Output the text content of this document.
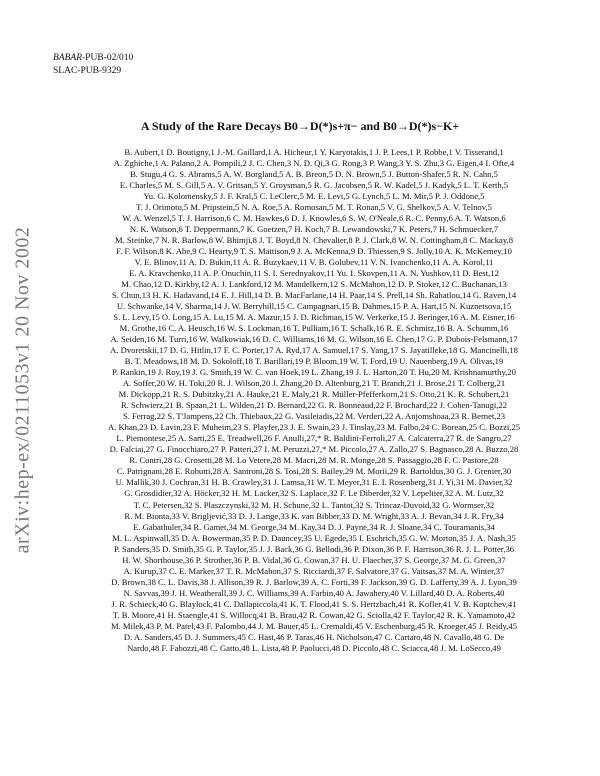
BABAR-PUB-02/010
SLAC-PUB-9329
A Study of the Rare Decays B0→D(*)s+π− and B0→D(*)s−K+
arXiv:hep-ex/0211053v1 20 Nov 2002
B. Aubert,1 D. Boutigny,1 J.-M. Gaillard,1 A. Hicheur,1 Y. Karyotakis,1 J. P. Lees,1 P. Robbe,1 V. Tisserand,1
A. Zghiche,1 A. Palano,2 A. Pompili,2 J. C. Chen,3 N. D. Qi,3 G. Rong,3 P. Wang,3 Y. S. Zhu,3 G. Eigen,4 I. Ofte,4
B. Stugu,4 G. S. Abrams,5 A. W. Borgland,5 A. B. Breon,5 D. N. Brown,5 J. Button-Shafer,5 R. N. Cahn,5
E. Charles,5 M. S. Gill,5 A. V. Gritsan,5 Y. Groysman,5 R. G. Jacobsen,5 R. W. Kadel,5 J. Kadyk,5 L. T. Kerth,5
Yu. G. Kolomensky,5 J. F. Kral,5 C. LeClerc,5 M. E. Levi,5 G. Lynch,5 L. M. Mir,5 P. J. Oddone,5
T. J. Orimoto,5 M. Pripstein,5 N. A. Roe,5 A. Romosan,5 M. T. Ronan,5 V. G. Shelkov,5 A. V. Telnov,5
W. A. Wenzel,5 T. J. Harrison,6 C. M. Hawkes,6 D. J. Knowles,6 S. W. O'Neale,6 R. C. Penny,6 A. T. Watson,6
N. K. Watson,6 T. Deppermann,7 K. Goetzen,7 H. Koch,7 B. Lewandowski,7 K. Peters,7 H. Schmuecker,7
M. Steinke,7 N. R. Barlow,8 W. Bhimji,8 J. T. Boyd,8 N. Chevalier,8 P. J. Clark,8 W. N. Cottingham,8 C. Mackay,8
F. F. Wilson,8 K. Abe,9 C. Hearty,9 T. S. Mattison,9 J. A. McKenna,9 D. Thiessen,9 S. Jolly,10 A. K. McKemey,10
V. E. Blinov,11 A. D. Bukin,11 A. R. Buzykaev,11 V. B. Golubev,11 V. N. Ivanchenko,11 A. A. Korol,11
E. A. Kravchenko,11 A. P. Onuchin,11 S. I. Serednyakov,11 Yu. I. Skovpen,11 A. N. Yushkov,11 D. Best,12
M. Chao,12 D. Kirkby,12 A. J. Lankford,12 M. Mandelkern,12 S. McMahon,12 D. P. Stoker,12 C. Buchanan,13
S. Chun,13 H. K. Hadavand,14 E. J. Hill,14 D. B. MacFarlane,14 H. Paar,14 S. Prell,14 Sh. Rahatlou,14 G. Raven,14
U. Schwanke,14 V. Sharma,14 J. W. Berryhill,15 C. Campagnari,15 B. Dahmes,15 P. A. Hart,15 N. Kuznetsova,15
S. L. Levy,15 O. Long,15 A. Lu,15 M. A. Mazur,15 J. D. Richman,15 W. Verkerke,15 J. Beringer,16 A. M. Eisner,16
M. Grothe,16 C. A. Heusch,16 W. S. Lockman,16 T. Pulliam,16 T. Schalk,16 R. E. Schmitz,16 B. A. Schumm,16
A. Seiden,16 M. Turri,16 W. Walkowiak,16 D. C. Williams,16 M. G. Wilson,16 E. Chen,17 G. P. Dubois-Felsmann,17
A. Dvoretskii,17 D. G. Hitlin,17 F. C. Porter,17 A. Ryd,17 A. Samuel,17 S. Yang,17 S. Jayatilleke,18 G. Mancinelli,18
B. T. Meadows,18 M. D. Sokoloff,18 T. Barillari,19 P. Bloom,19 W. T. Ford,19 U. Nauenberg,19 A. Olivas,19
P. Rankin,19 J. Roy,19 J. G. Smith,19 W. C. van Hoek,19 L. Zhang,19 J. L. Harton,20 T. Hu,20 M. Krishnamurthy,20
A. Soffer,20 W. H. Toki,20 R. J. Wilson,20 J. Zhang,20 D. Altenburg,21 T. Brandt,21 J. Brose,21 T. Colberg,21
M. Dickopp,21 R. S. Dubitzky,21 A. Hauke,21 E. Maly,21 R. Müller-Pfefferkorn,21 S. Otto,21 K. R. Schubert,21
R. Schwierz,21 B. Spaan,21 L. Wilden,21 D. Bernard,22 G. R. Bonneaud,22 F. Brochard,22 J. Cohen-Tanugi,22
S. Ferrag,22 S. T'Jampens,22 Ch. Thiebaux,22 G. Vasileiadis,22 M. Verderi,22 A. Anjomshoaa,23 R. Bernet,23
A. Khan,23 D. Lavin,23 F. Muheim,23 S. Playfer,23 J. E. Swain,23 J. Tinslay,23 M. Falbo,24 C. Borean,25 C. Bozzi,25
L. Piemontese,25 A. Sarti,25 E. Treadwell,26 F. Anulli,27,* R. Baldini-Ferroli,27 A. Calcaterra,27 R. de Sangro,27
D. Falciai,27 G. Finocchiaro,27 P. Patteri,27 I. M. Peruzzi,27,* M. Piccolo,27 A. Zallo,27 S. Bagnasco,28 A. Buzzo,28
R. Contri,28 G. Crosetti,28 M. Lo Vetere,28 M. Macri,28 M. R. Monge,28 S. Passaggio,28 F. C. Pastore,28
C. Patrignani,28 E. Robutti,28 A. Santroni,28 S. Tosi,28 S. Bailey,29 M. Morii,29 R. Bartoldus,30 G. J. Grenier,30
U. Mallik,30 J. Cochran,31 H. B. Crawley,31 J. Lamsa,31 W. T. Meyer,31 E. I. Rosenberg,31 J. Yi,31 M. Davier,32
G. Grosdidier,32 A. Höcker,32 H. M. Lacker,32 S. Laplace,32 F. Le Diberder,32 V. Lepeltier,32 A. M. Lutz,32
T. C. Petersen,32 S. Plaszczynski,32 M. H. Schune,32 L. Tantot,32 S. Trincaz-Duvoid,32 G. Wormser,32
R. M. Bionta,33 V. Brigljević,33 D. J. Lange,33 K. van Bibber,33 D. M. Wright,33 A. J. Bevan,34 J. R. Fry,34
E. Gabathuler,34 R. Gamet,34 M. George,34 M. Kay,34 D. J. Payne,34 R. J. Sloane,34 C. Touramanis,34
M. L. Aspinwall,35 D. A. Bowerman,35 P. D. Dauncey,35 U. Egede,35 I. Eschrich,35 G. W. Morton,35 J. A. Nash,35
P. Sanders,35 D. Smith,35 G. P. Taylor,35 J. J. Back,36 G. Bellodi,36 P. Dixon,36 P. F. Harrison,36 R. J. L. Potter,36
H. W. Shorthouse,36 P. Strother,36 P. B. Vidal,36 G. Cowan,37 H. U. Flaecher,37 S. George,37 M. G. Green,37
A. Kurup,37 C. E. Marker,37 T. R. McMahon,37 S. Ricciardi,37 F. Salvatore,37 G. Vaitsas,37 M. A. Winter,37
D. Brown,38 C. L. Davis,38 J. Allison,39 R. J. Barlow,39 A. C. Forti,39 F. Jackson,39 G. D. Lafferty,39 A. J. Lyon,39
N. Savvas,39 J. H. Weatherall,39 J. C. Williams,39 A. Farbin,40 A. Jawahery,40 V. Lillard,40 D. A. Roberts,40
J. R. Schieck,40 G. Blaylock,41 C. Dallapiccola,41 K. T. Flood,41 S. S. Hertzbach,41 R. Kofler,41 V. B. Koptchev,41
T. B. Moore,41 H. Staengle,41 S. Willocq,41 B. Brau,42 R. Cowan,42 G. Sciolla,42 F. Taylor,42 R. K. Yamamoto,42
M. Milek,43 P. M. Patel,43 F. Palombo,44 J. M. Bauer,45 L. Cremaldi,45 V. Eschenburg,45 R. Kroeger,45 J. Reidy,45
D. A. Sanders,45 D. J. Summers,45 C. Hast,46 P. Taras,46 H. Nicholson,47 C. Cartaro,48 N. Cavallo,48 G. De
Nardo,48 F. Fabozzi,48 C. Gatto,48 L. Lista,48 P. Paolucci,48 D. Piccolo,48 C. Sciacca,48 J. M. LoSecco,49
